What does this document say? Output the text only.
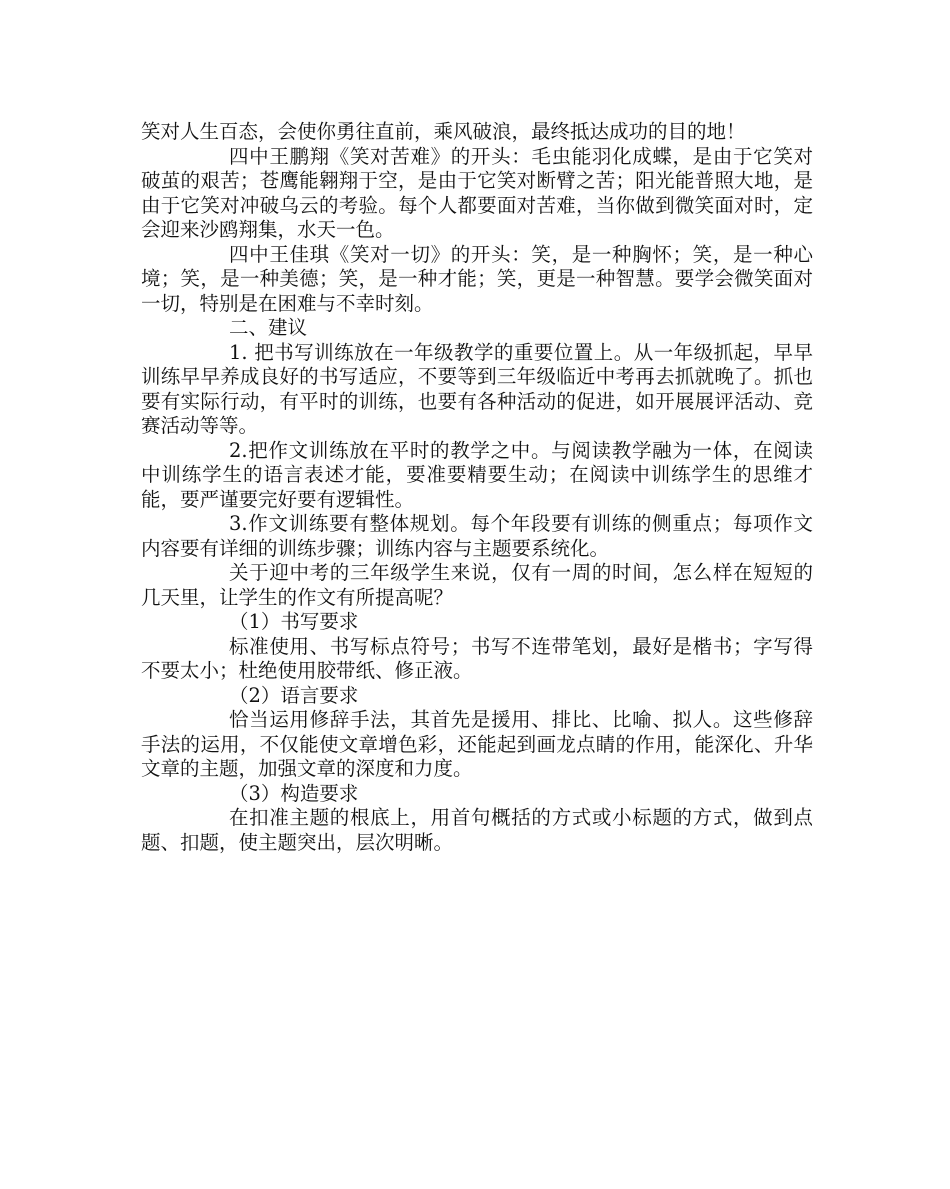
笑对人生百态，会使你勇往直前，乘风破浪，最终抵达成功的目的地！

四中王鹏翔《笑对苦难》的开头：毛虫能羽化成蝶，是由于它笑对破茧的艰苦；苍鹰能翱翔于空，是由于它笑对断臂之苦；阳光能普照大地，是由于它笑对冲破乌云的考验。每个人都要面对苦难，当你做到微笑面对时，定会迎来沙鸥翔集，水天一色。

四中王佳琪《笑对一切》的开头：笑，是一种胸怀；笑，是一种心境；笑，是一种美德；笑，是一种才能；笑，更是一种智慧。要学会微笑面对一切，特别是在困难与不幸时刻。

二、建议

1. 把书写训练放在一年级教学的重要位置上。从一年级抓起，早早训练早早养成良好的书写适应，不要等到三年级临近中考再去抓就晚了。抓也要有实际行动，有平时的训练，也要有各种活动的促进，如开展展评活动、竞赛活动等等。

2.把作文训练放在平时的教学之中。与阅读教学融为一体，在阅读中训练学生的语言表述才能，要准要精要生动；在阅读中训练学生的思维才能，要严谨要完好要有逻辑性。

3.作文训练要有整体规划。每个年段要有训练的侧重点；每项作文内容要有详细的训练步骤；训练内容与主题要系统化。

关于迎中考的三年级学生来说，仅有一周的时间，怎么样在短短的几天里，让学生的作文有所提高呢？

（1）书写要求

标准使用、书写标点符号；书写不连带笔划，最好是楷书；字写得不要太小；杜绝使用胶带纸、修正液。

（2）语言要求

恰当运用修辞手法，其首先是援用、排比、比喻、拟人。这些修辞手法的运用，不仅能使文章增色彩，还能起到画龙点睛的作用，能深化、升华文章的主题，加强文章的深度和力度。

（3）构造要求

在扣准主题的根底上，用首句概括的方式或小标题的方式，做到点题、扣题，使主题突出，层次明晰。
